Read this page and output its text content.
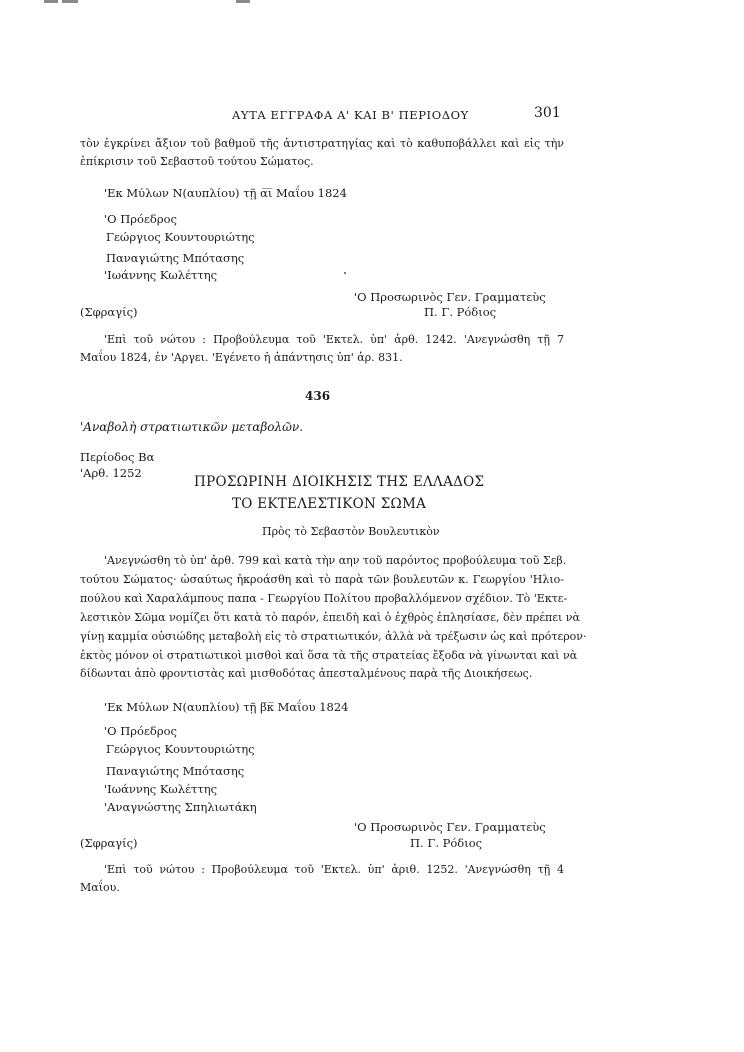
ΑΥΤΑ ΕΓΓΡΑΦΑ Α' ΚΑΙ Β' ΠΕΡΙΟΔΟΥ	301
τὸν ἐγκρίνει ἄξιον τοῦ βαθμοῦ τῆς ἀντιστρατηγίας καὶ τὸ καθυποβάλλει καὶ εἰς τὴν
ἐπίκρισιν τοῦ Σεβαστοῦ τούτου Σώματος.
'Εκ Μύλων Ν(αυπλίου) τῇ α̅ι̅ Μαΐου 1824
'Ο Πρόεδρος
Γεώργιος Κουντουριώτης
Παναγιώτης Μπότασης
'Ιωάννης Κωλέττης
'Ο Προσωρινὸς Γεν. Γραμματεὺς
(Σφραγίς)	Π. Γ. Ρόδιος
'Επὶ τοῦ νώτου : Προβούλευμα τοῦ 'Εκτελ. ὑπ' ἀρθ. 1242. 'Ανεγνώσθη τῇ 7
Μαΐου 1824, ἐν 'Αργει. 'Εγένετο ἡ ἀπάντησις ὑπ' ἀρ. 831.
436
'Αναβολὴ στρατιωτικῶν μεταβολῶν.
Περίοδος Βα
'Αρθ. 1252
ΠΡΟΣΩΡΙΝΗ ΔΙΟΙΚΗΣΙΣ ΤΗΣ ΕΛΛΑΔΟΣ
ΤΟ ΕΚΤΕΛΕΣΤΙΚΟΝ ΣΩΜΑ
Πρὸς τὸ Σεβαστὸν Βουλευτικὸν
'Ανεγνώσθη τὸ ὑπ' ἀρθ. 799 καὶ κατὰ τὴν αην τοῦ παρόντος προβούλευμα τοῦ Σεβ.
τούτου Σώματος· ὡσαύτως ἠκροάσθη καὶ τὸ παρὰ τῶν βουλευτῶν κ. Γεωργίου 'Ηλιο-
πούλου καὶ Χαραλάμπους παπα - Γεωργίου Πολίτου προβαλλόμενον σχέδιον. Τὸ 'Εκτε-
λεστικὸν Σῶμα νομίζει ὅτι κατὰ τὸ παρόν, ἐπειδὴ καὶ ὁ ἐχθρὸς ἐπλησίασε, δὲν πρέπει νὰ
γίνῃ καμμία οὐσιώδης μεταβολὴ εἰς τὸ στρατιωτικόν, ἀλλὰ νὰ τρέξωσιν ὡς καὶ πρότερον·
ἐκτὸς μόνον οἱ στρατιωτικοὶ μισθοὶ καὶ ὅσα τὰ τῆς στρατείας ἔξοδα νὰ γίνωνται καὶ νὰ
δίδωνται ἀπὸ φροντιστὰς καὶ μισθοδότας ἀπεσταλμένους παρὰ τῆς Διοικήσεως.
'Εκ Μύλων Ν(αυπλίου) τῇ β̅κ̅ Μαΐου 1824
'Ο Πρόεδρος
Γεώργιος Κουντουριώτης
Παναγιώτης Μπότασης
'Ιωάννης Κωλέττης
'Αναγνώστης Σπηλιωτάκη
'Ο Προσωρινὸς Γεν. Γραμματεὺς
(Σφραγίς)	Π. Γ. Ρόδιος
'Επὶ τοῦ νώτου : Πρoβούλευμα τοῦ 'Εκτελ. ὑπ' ἀριθ. 1252. 'Ανεγνώσθη τῇ 4
Μαΐου.
